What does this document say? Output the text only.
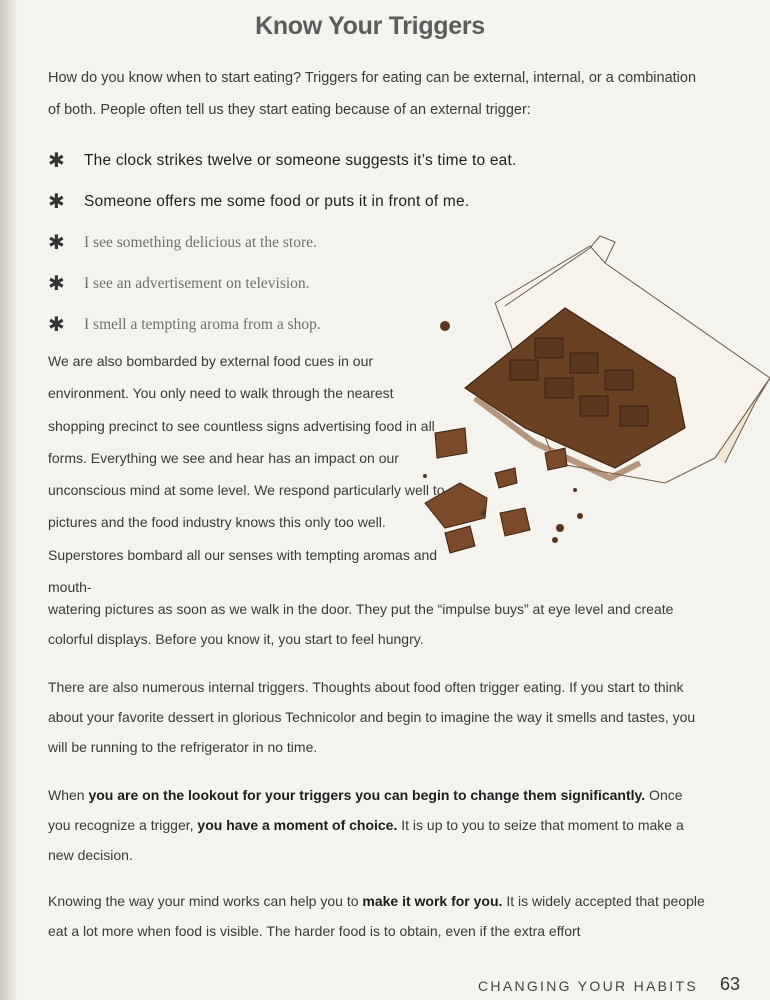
Know Your Triggers

How do you know when to start eating? Triggers for eating can be external, internal, or a combination of both. People often tell us they start eating because of an external trigger:

✱	The clock strikes twelve or someone suggests it’s time to eat.
✱	Someone offers me some food or puts it in front of me.
✱	I see something delicious at the store.
✱	I see an advertisement on television.
✱	I smell a tempting aroma from a shop.

We are also bombarded by external food cues in our environment. You only need to walk through the nearest shopping precinct to see countless signs advertising food in all forms. Everything we see and hear has an impact on our unconscious mind at some level. We respond particularly well to pictures and the food industry knows this only too well. Superstores bombard all our senses with tempting aromas and mouth-

watering pictures as soon as we walk in the door. They put the “impulse buys” at eye level and create colorful displays. Before you know it, you start to feel hungry.

There are also numerous internal triggers. Thoughts about food often trigger eating. If you start to think about your favorite dessert in glorious Technicolor and begin to imagine the way it smells and tastes, you will be running to the refrigerator in no time.

When you are on the lookout for your triggers you can begin to change them significantly. Once you recognize a trigger, you have a moment of choice. It is up to you to seize that moment to make a new decision.

Knowing the way your mind works can help you to make it work for you. It is widely accepted that people eat a lot more when food is visible. The harder food is to obtain, even if the extra effort

CHANGING YOUR HABITS 63
